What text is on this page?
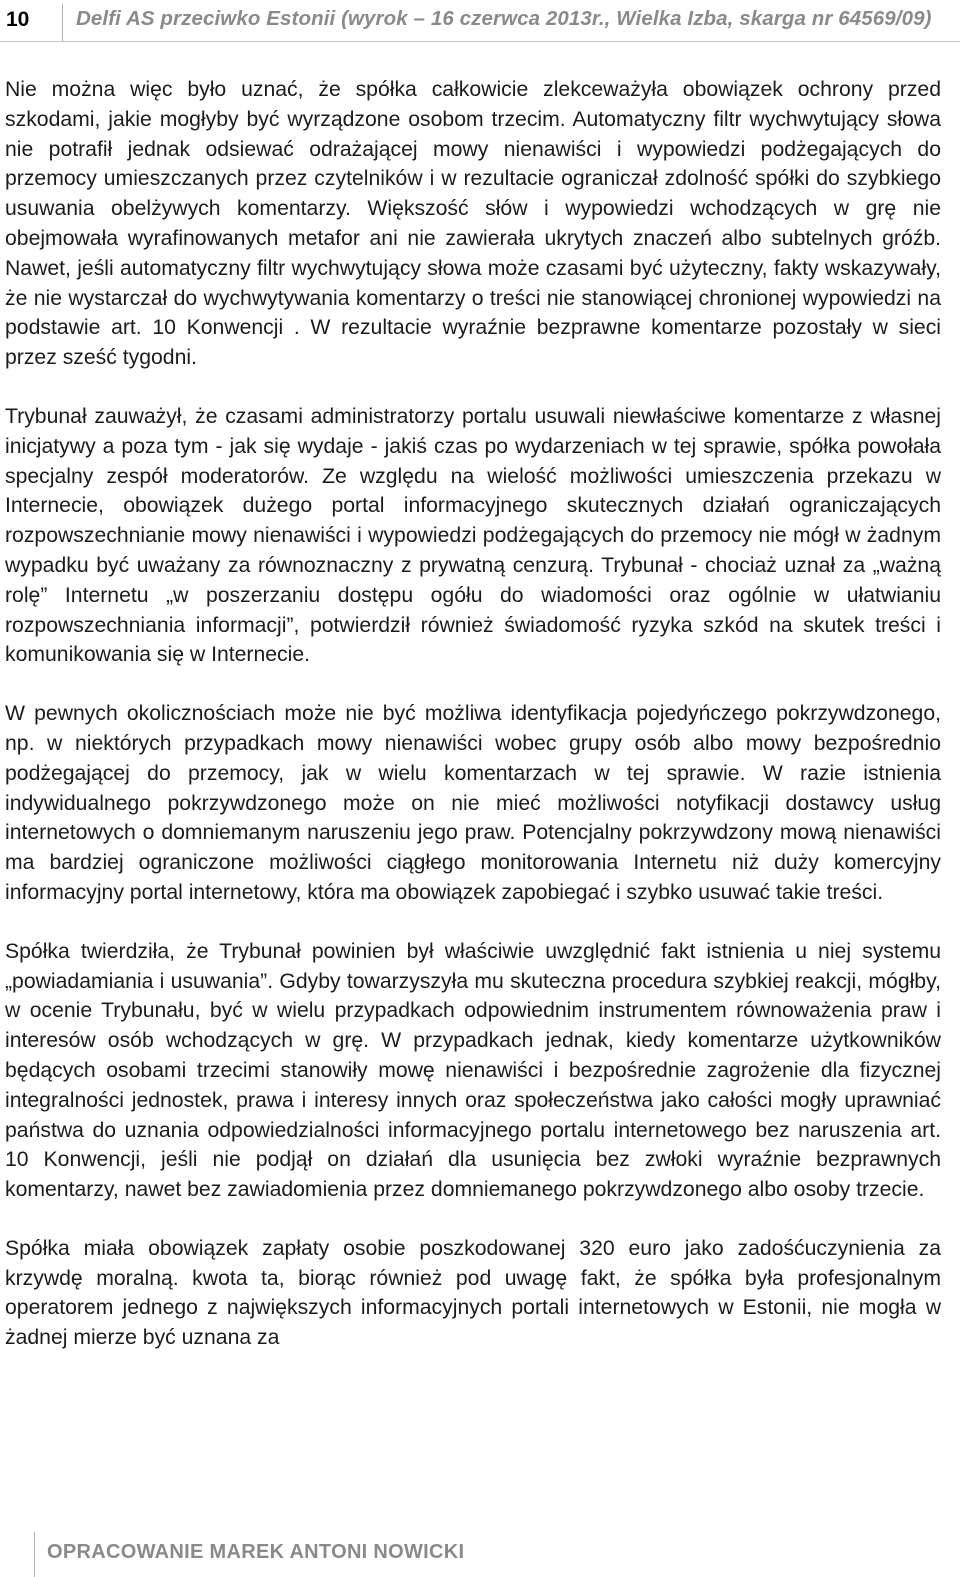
10 Delfi AS przeciwko Estonii (wyrok – 16 czerwca 2013r., Wielka Izba, skarga nr 64569/09)

Nie można więc było uznać, że spółka całkowicie zlekceważyła obowiązek ochrony przed szkodami, jakie mogłyby być wyrządzone osobom trzecim. Automatyczny filtr wychwytujący słowa nie potrafił jednak odsiewać odrażającej mowy nienawiści i wypowiedzi podżegających do przemocy umieszczanych przez czytelników i w rezultacie ograniczał zdolność spółki do szybkiego usuwania obelżywych komentarzy. Większość słów i wypowiedzi wchodzących w grę nie obejmowała wyrafinowanych metafor ani nie zawierała ukrytych znaczeń albo subtelnych gróźb. Nawet, jeśli automatyczny filtr wychwytujący słowa może czasami być użyteczny, fakty wskazywały, że nie wystarczał do wychwytywania komentarzy o treści nie stanowiącej chronionej wypowiedzi na podstawie art. 10 Konwencji . W rezultacie wyraźnie bezprawne komentarze pozostały w sieci przez sześć tygodni.

Trybunał zauważył, że czasami administratorzy portalu usuwali niewłaściwe komentarze z własnej inicjatywy a poza tym - jak się wydaje - jakiś czas po wydarzeniach w tej sprawie, spółka powołała specjalny zespół moderatorów. Ze względu na wielość możliwości umieszczenia przekazu w Internecie, obowiązek dużego portal informacyjnego skutecznych działań ograniczających rozpowszechnianie mowy nienawiści i wypowiedzi podżegających do przemocy nie mógł w żadnym wypadku być uważany za równoznaczny z prywatną cenzurą. Trybunał - chociaż uznał za „ważną rolę” Internetu „w poszerzaniu dostępu ogółu do wiadomości oraz ogólnie w ułatwianiu rozpowszechniania informacji”, potwierdził również świadomość ryzyka szkód na skutek treści i komunikowania się w Internecie.

W pewnych okolicznościach może nie być możliwa identyfikacja pojedyńczego pokrzywdzonego, np. w niektórych przypadkach mowy nienawiści wobec grupy osób albo mowy bezpośrednio podżegającej do przemocy, jak w wielu komentarzach w tej sprawie. W razie istnienia indywidualnego pokrzywdzonego może on nie mieć możliwości notyfikacji dostawcy usług internetowych o domniemanym naruszeniu jego praw. Potencjalny pokrzywdzony mową nienawiści ma bardziej ograniczone możliwości ciągłego monitorowania Internetu niż duży komercyjny informacyjny portal internetowy, która ma obowiązek zapobiegać i szybko usuwać takie treści.

Spółka twierdziła, że Trybunał powinien był właściwie uwzględnić fakt istnienia u niej systemu „powiadamiania i usuwania”. Gdyby towarzyszyła mu skuteczna procedura szybkiej reakcji, mógłby, w ocenie Trybunału, być w wielu przypadkach odpowiednim instrumentem równoważenia praw i interesów osób wchodzących w grę. W przypadkach jednak, kiedy komentarze użytkowników będących osobami trzecimi stanowiły mowę nienawiści i bezpośrednie zagrożenie dla fizycznej integralności jednostek, prawa i interesy innych oraz społeczeństwa jako całości mogły uprawniać państwa do uznania odpowiedzialności informacyjnego portalu internetowego bez naruszenia art. 10 Konwencji, jeśli nie podjął on działań dla usunięcia bez zwłoki wyraźnie bezprawnych komentarzy, nawet bez zawiadomienia przez domniemanego pokrzywdzonego albo osoby trzecie.

Spółka miała obowiązek zapłaty osobie poszkodowanej 320 euro jako zadośćuczynienia za krzywdę moralną. kwota ta, biorąc również pod uwagę fakt, że spółka była profesjonalnym operatorem jednego z największych informacyjnych portali internetowych w Estonii, nie mogła w żadnej mierze być uznana za

OPRACOWANIE MAREK ANTONI NOWICKI
